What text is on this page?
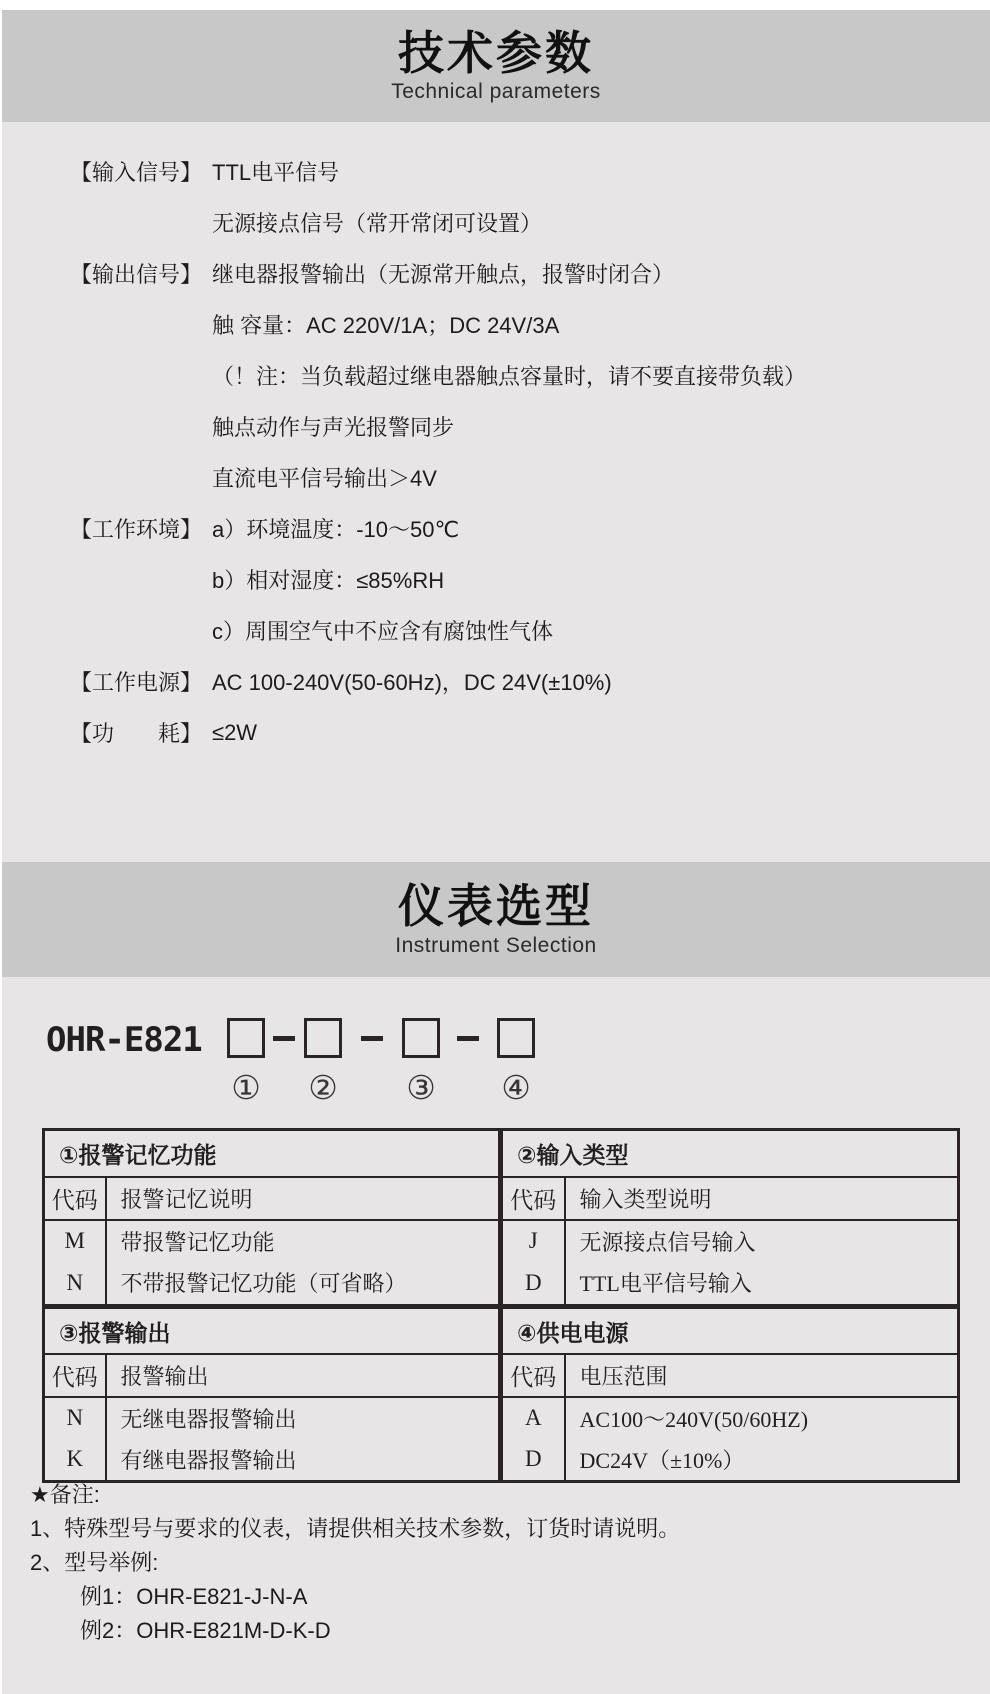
技术参数
Technical parameters
【输入信号】 TTL电平信号
无源接点信号（常开常闭可设置）
【输出信号】 继电器报警输出（无源常开触点，报警时闭合）
触 容量：AC 220V/1A；DC 24V/3A
（！注：当负载超过继电器触点容量时，请不要直接带负载）
触点动作与声光报警同步
直流电平信号输出＞4V
【工作环境】 a）环境温度：-10～50℃
b）相对湿度：≤85%RH
c）周围空气中不应含有腐蚀性气体
【工作电源】 AC 100-240V(50-60Hz)，DC 24V(±10%)
【功　　耗】 ≤2W
仪表选型
Instrument Selection
OHR-E821
① ② ③ ④
①报警记忆功能		②输入类型	
代码	报警记忆说明	代码	输入类型说明
M	带报警记忆功能	J	无源接点信号输入
N	不带报警记忆功能（可省略）	D	TTL电平信号输入
③报警输出		④供电电源	
代码	报警输出	代码	电压范围
N	无继电器报警输出	A	AC100～240V(50/60HZ)
K	有继电器报警输出	D	DC24V（±10%）
★备注:
1、特殊型号与要求的仪表，请提供相关技术参数，订货时请说明。
2、型号举例:
例1：OHR-E821-J-N-A
例2：OHR-E821M-D-K-D
